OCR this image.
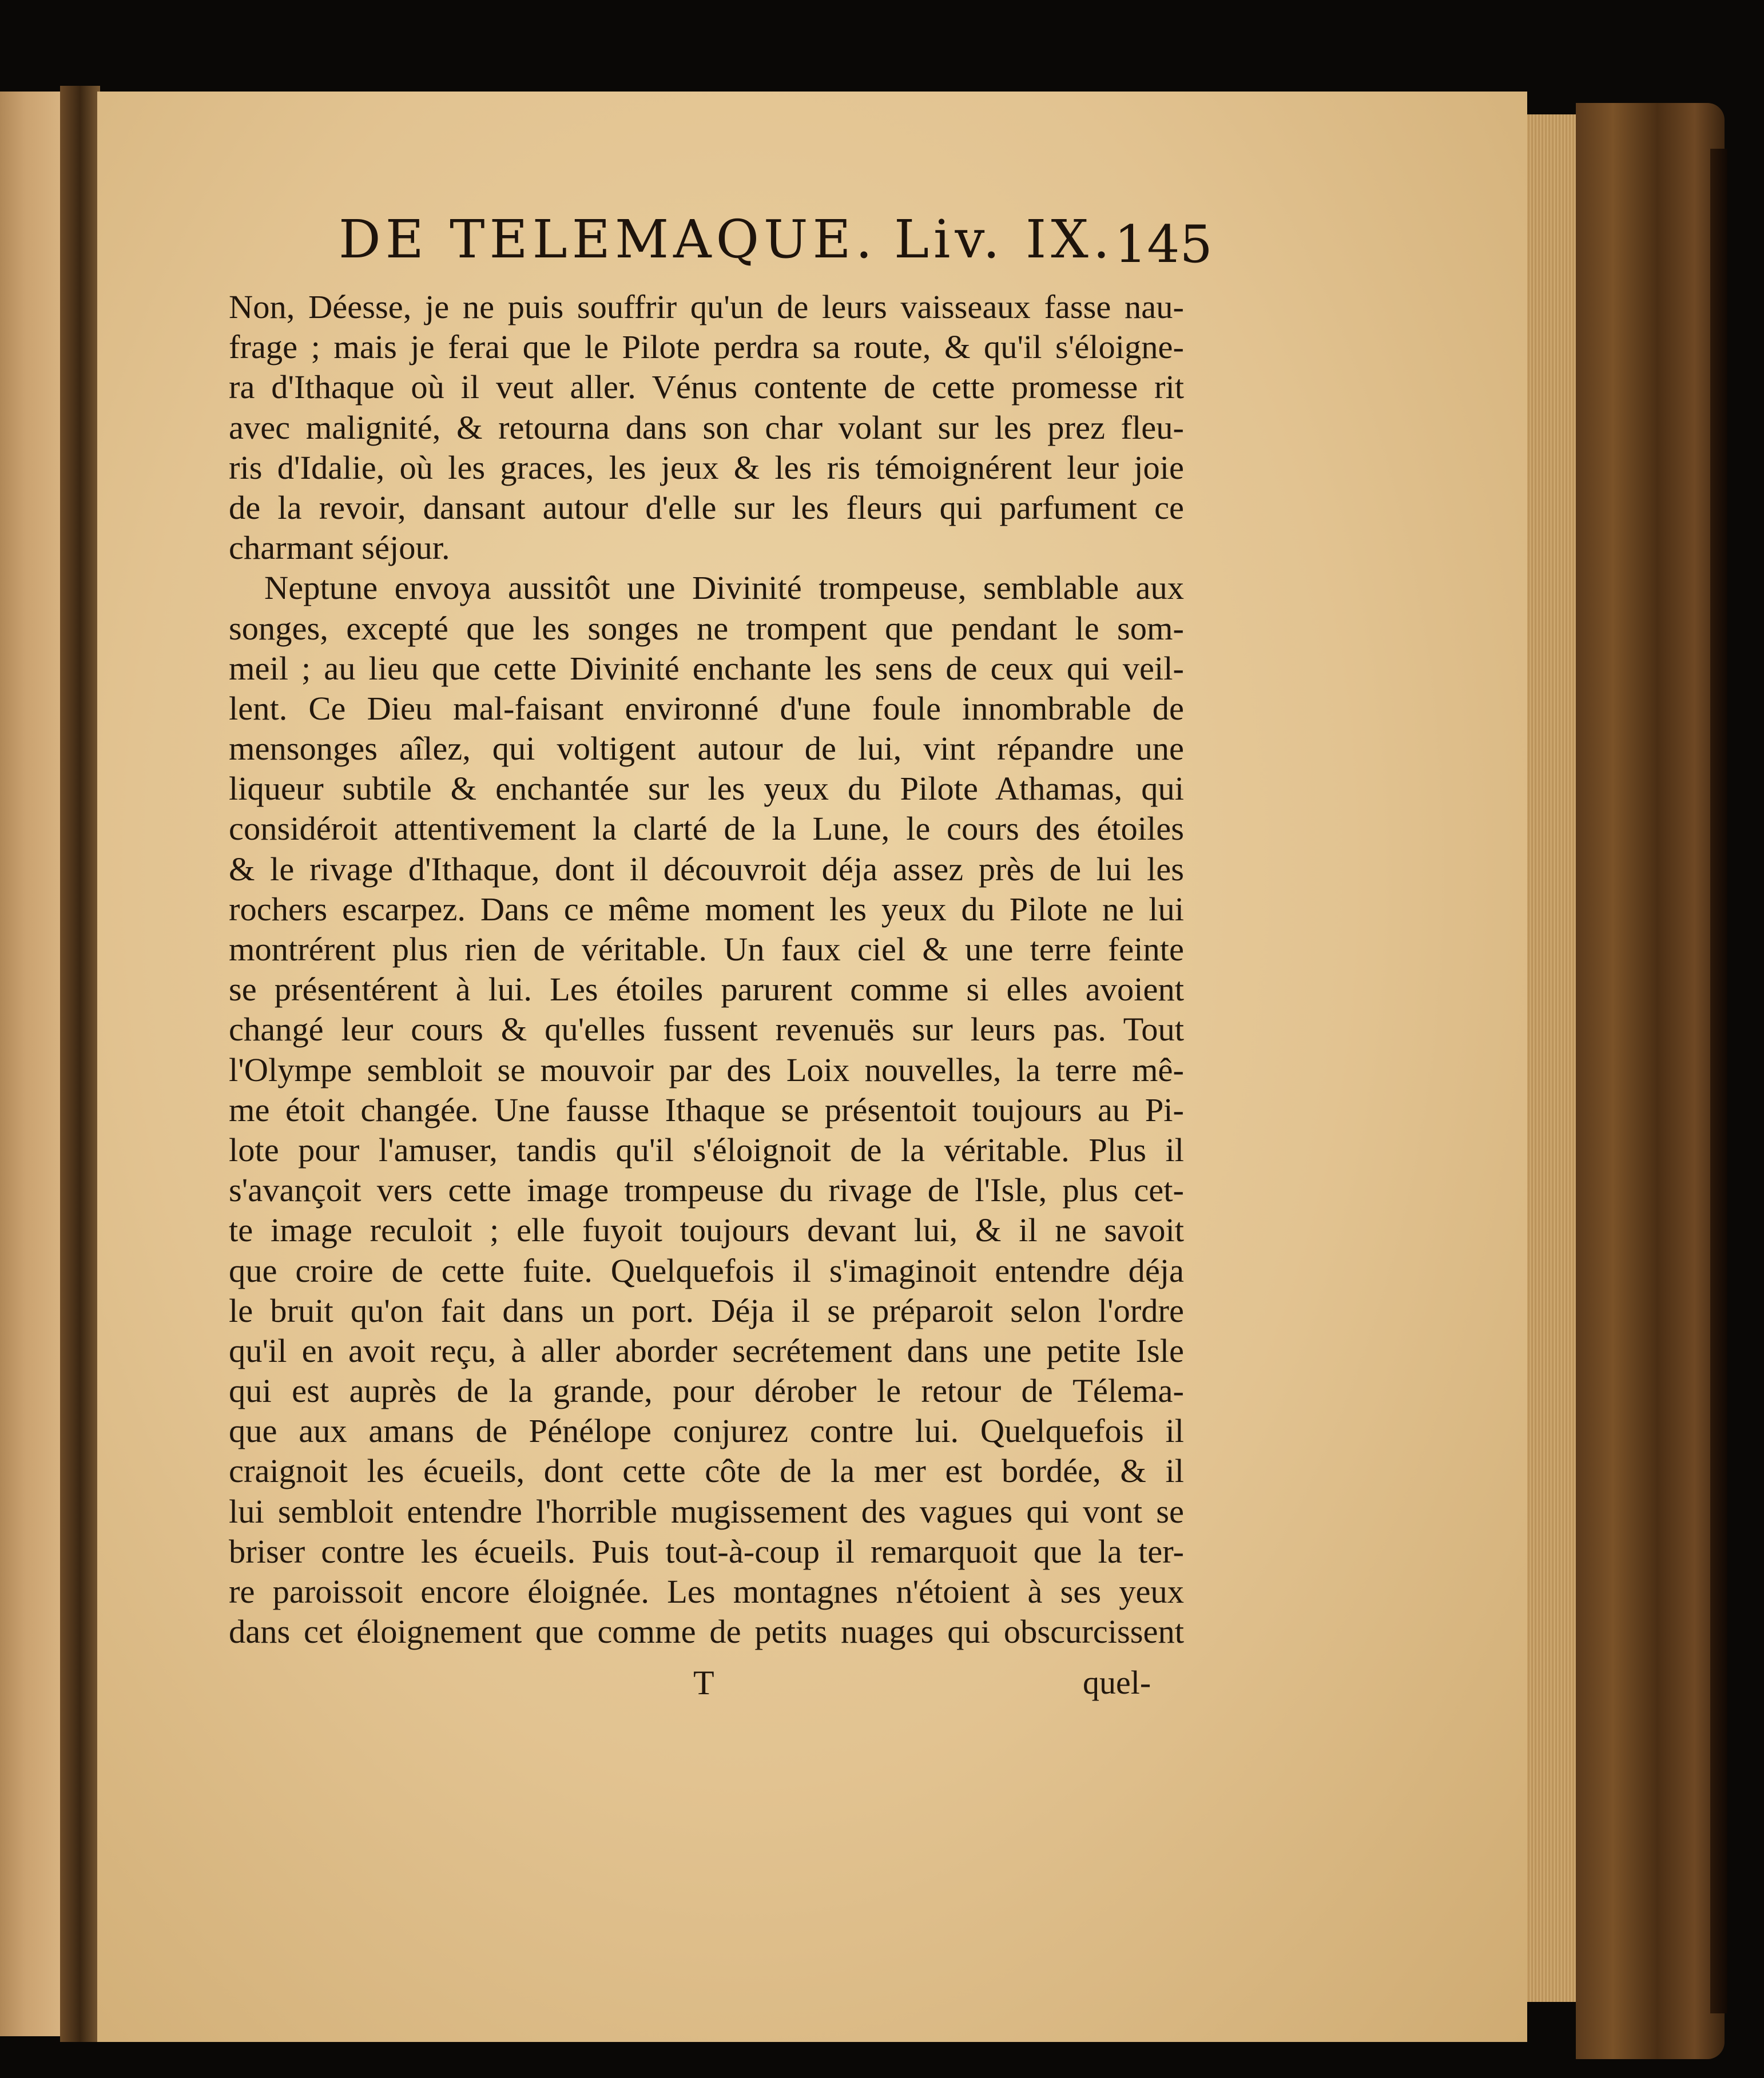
DE TELEMAQUE. Liv. IX. 145
Non, Déesse, je ne puis souffrir qu'un de leurs vaisseaux fasse nau-
frage ; mais je ferai que le Pilote perdra sa route, & qu'il s'éloigne-
ra d'Ithaque où il veut aller. Vénus contente de cette promesse rit
avec malignité, & retourna dans son char volant sur les prez fleu-
ris d'Idalie, où les graces, les jeux & les ris témoignérent leur joie
de la revoir, dansant autour d'elle sur les fleurs qui parfument ce
charmant séjour.
Neptune envoya aussitôt une Divinité trompeuse, semblable aux
songes, excepté que les songes ne trompent que pendant le som-
meil ; au lieu que cette Divinité enchante les sens de ceux qui veil-
lent. Ce Dieu mal-faisant environné d'une foule innombrable de
mensonges aîlez, qui voltigent autour de lui, vint répandre une
liqueur subtile & enchantée sur les yeux du Pilote Athamas, qui
considéroit attentivement la clarté de la Lune, le cours des étoiles
& le rivage d'Ithaque, dont il découvroit déja assez près de lui les
rochers escarpez. Dans ce même moment les yeux du Pilote ne lui
montrérent plus rien de véritable. Un faux ciel & une terre feinte
se présentérent à lui. Les étoiles parurent comme si elles avoient
changé leur cours & qu'elles fussent revenuës sur leurs pas. Tout
l'Olympe sembloit se mouvoir par des Loix nouvelles, la terre mê-
me étoit changée. Une fausse Ithaque se présentoit toujours au Pi-
lote pour l'amuser, tandis qu'il s'éloignoit de la véritable. Plus il
s'avançoit vers cette image trompeuse du rivage de l'Isle, plus cet-
te image reculoit ; elle fuyoit toujours devant lui, & il ne savoit
que croire de cette fuite. Quelquefois il s'imaginoit entendre déja
le bruit qu'on fait dans un port. Déja il se préparoit selon l'ordre
qu'il en avoit reçu, à aller aborder secrétement dans une petite Isle
qui est auprès de la grande, pour dérober le retour de Télema-
que aux amans de Pénélope conjurez contre lui. Quelquefois il
craignoit les écueils, dont cette côte de la mer est bordée, & il
lui sembloit entendre l'horrible mugissement des vagues qui vont se
briser contre les écueils. Puis tout-à-coup il remarquoit que la ter-
re paroissoit encore éloignée. Les montagnes n'étoient à ses yeux
dans cet éloignement que comme de petits nuages qui obscurcissent
T	quel-
